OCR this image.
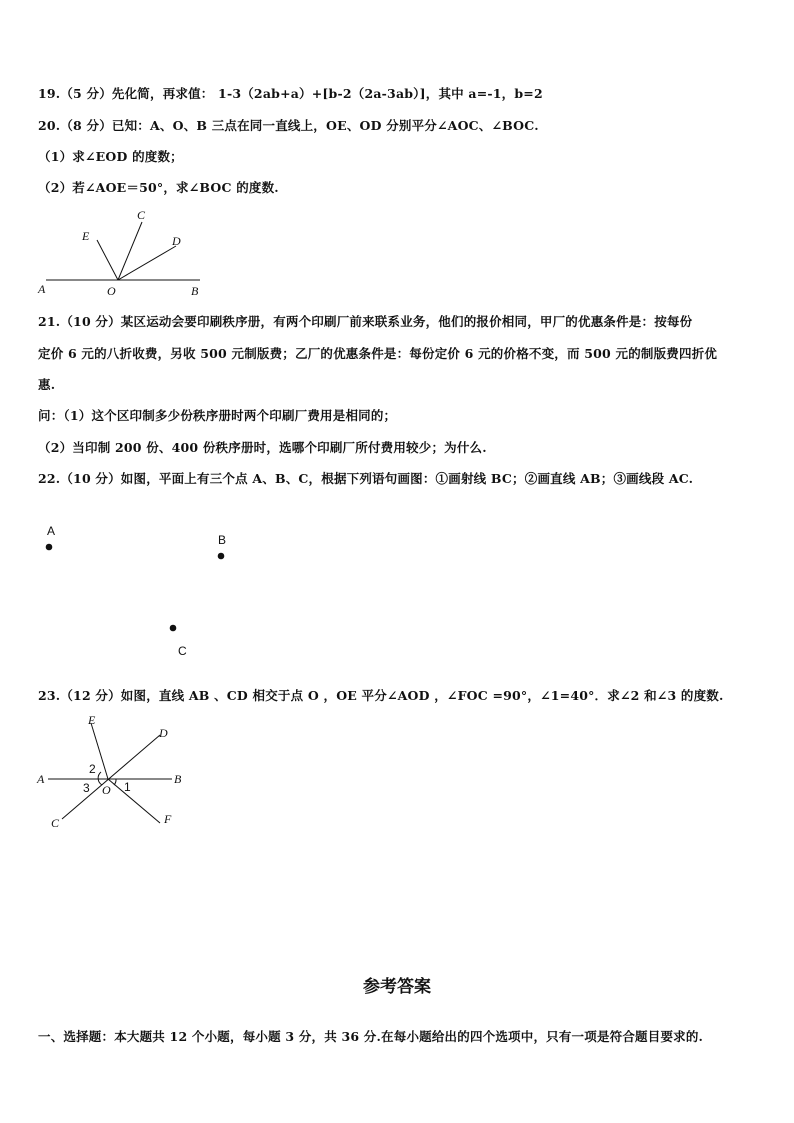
19.（5 分）先化简，再求值： 1-3（2ab+a）+[b-2（2a-3ab）]，其中 a=-1，b=2
20.（8 分）已知：A、O、B 三点在同一直线上，OE、OD 分别平分∠AOC、∠BOC.
（1）求∠EOD 的度数；
（2）若∠AOE＝50°，求∠BOC 的度数.
A	O	B
C
E	D
21.（10 分）某区运动会要印刷秩序册，有两个印刷厂前来联系业务，他们的报价相同，甲厂的优惠条件是：按每份
定价 6 元的八折收费，另收 500 元制版费；乙厂的优惠条件是：每份定价 6 元的价格不变，而 500 元的制版费四折优
惠.
问：（1）这个区印制多少份秩序册时两个印刷厂费用是相同的；
（2）当印制 200 份、400 份秩序册时，选哪个印刷厂所付费用较少；为什么.
22.（10 分）如图，平面上有三个点 A、B、C，根据下列语句画图：①画射线 BC；②画直线 AB；③画线段 AC.
A
B
C
23.（12 分）如图，直线 AB 、CD 相交于点 O ，OE 平分∠AOD ，∠FOC =90°，∠1=40°．求∠2 和∠3 的度数.
E
D
A	B
C	F
O
2
3	1
参考答案
一、选择题：本大题共 12 个小题，每小题 3 分，共 36 分.在每小题给出的四个选项中，只有一项是符合题目要求的.
